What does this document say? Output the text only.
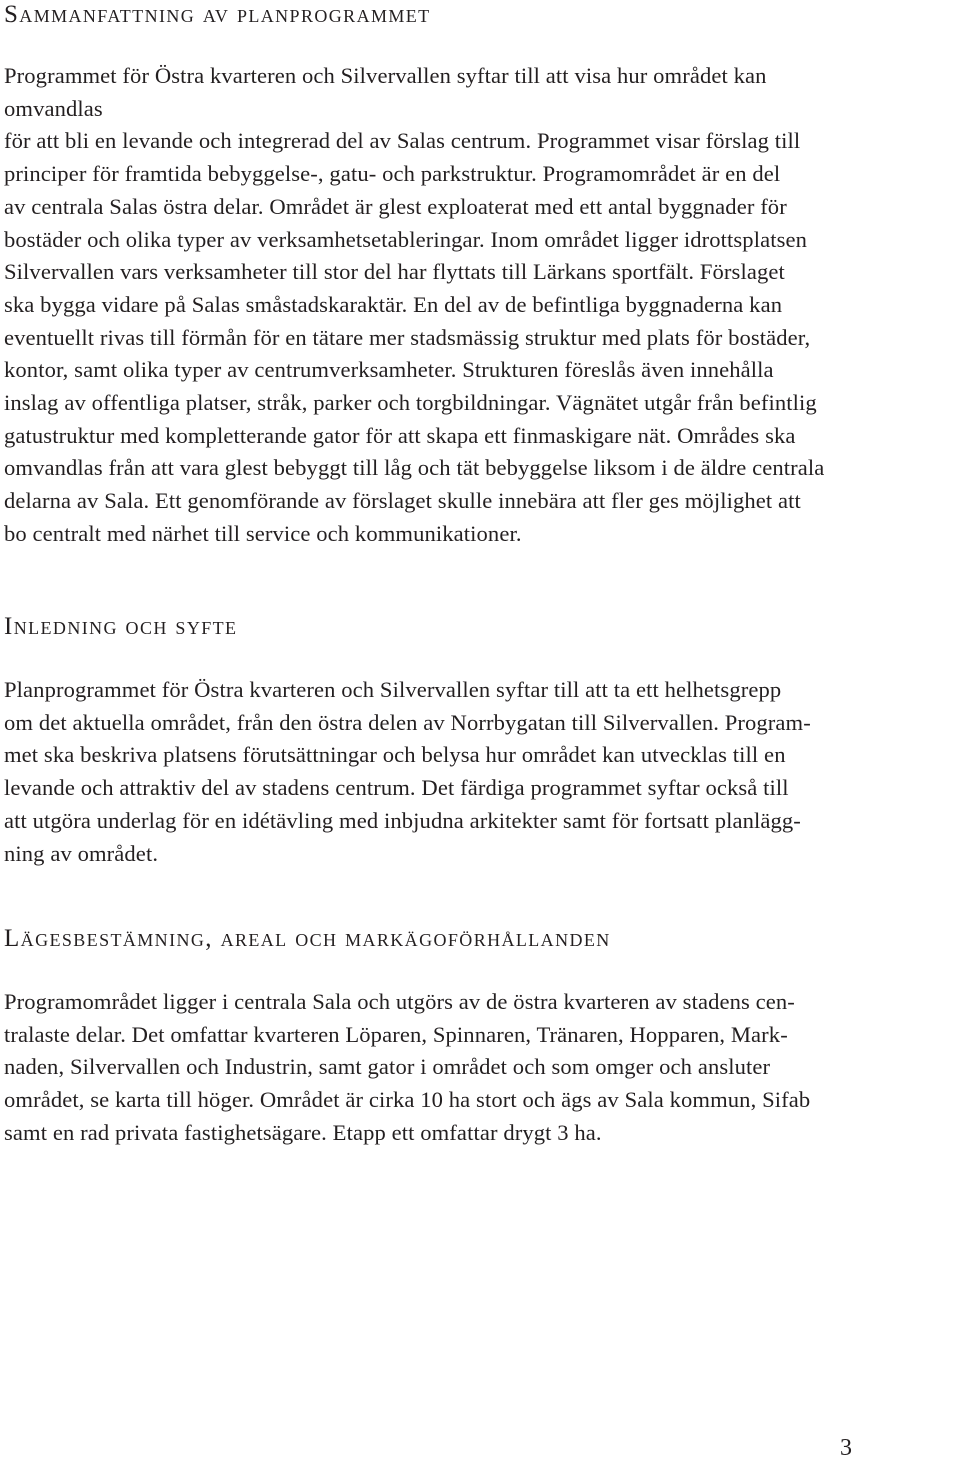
Sammanfattning av planprogrammet

Programmet för Östra kvarteren och Silvervallen syftar till att visa hur området kan
omvandlas
för att bli en levande och integrerad del av Salas centrum. Programmet visar förslag till
principer för framtida bebyggelse-, gatu- och parkstruktur. Programområdet är en del
av centrala Salas östra delar. Området är glest exploaterat med ett antal byggnader för
bostäder och olika typer av verksamhetsetableringar. Inom området ligger idrottsplatsen
Silvervallen vars verksamheter till stor del har flyttats till Lärkans sportfält. Förslaget
ska bygga vidare på Salas småstadskaraktär. En del av de befintliga byggnaderna kan
eventuellt rivas till förmån för en tätare mer stadsmässig struktur med plats för bostäder,
kontor, samt olika typer av centrumverksamheter. Strukturen föreslås även innehålla
inslag av offentliga platser, stråk, parker och torgbildningar. Vägnätet utgår från befintlig
gatustruktur med kompletterande gator för att skapa ett finmaskigare nät. Områdes ska
omvandlas från att vara glest bebyggt till låg och tät bebyggelse liksom i de äldre centrala
delarna av Sala. Ett genomförande av förslaget skulle innebära att fler ges möjlighet att
bo centralt med närhet till service och kommunikationer.

Inledning och syfte

Planprogrammet för Östra kvarteren och Silvervallen syftar till att ta ett helhetsgrepp
om det aktuella området, från den östra delen av Norrbygatan till Silvervallen. Program-
met ska beskriva platsens förutsättningar och belysa hur området kan utvecklas till en
levande och attraktiv del av stadens centrum. Det färdiga programmet syftar också till
att utgöra underlag för en idétävling med inbjudna arkitekter samt för fortsatt planlägg-
ning av området.

Lägesbestämning, areal och markägoförhållanden

Programområdet ligger i centrala Sala och utgörs av de östra kvarteren av stadens cen-
tralaste delar. Det omfattar kvarteren Löparen, Spinnaren, Tränaren, Hopparen, Mark-
naden, Silvervallen och Industrin, samt gator i området och som omger och ansluter
området, se karta till höger. Området är cirka 10 ha stort och ägs av Sala kommun, Sifab
samt en rad privata fastighetsägare. Etapp ett omfattar drygt 3 ha.

3
